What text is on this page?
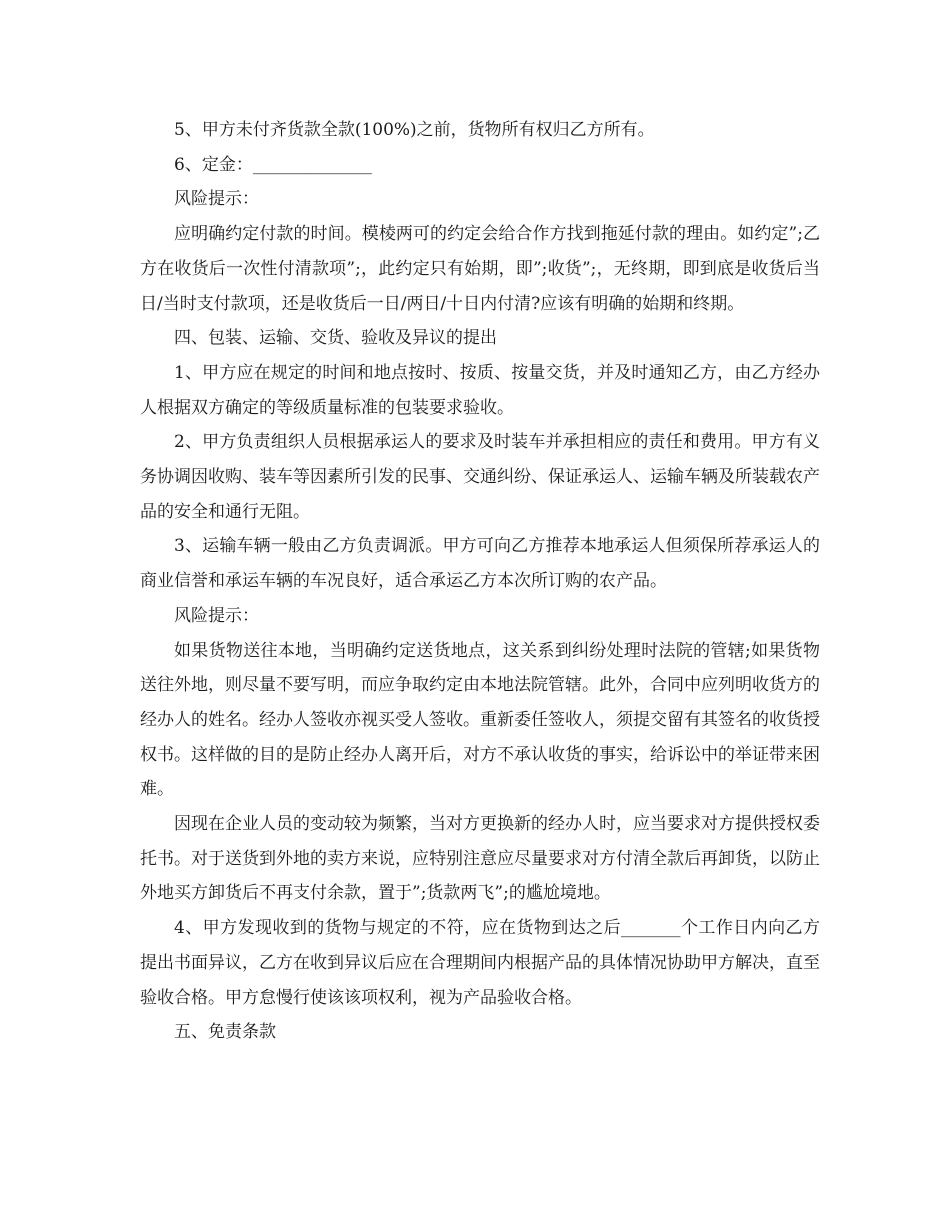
5、甲方未付齐货款全款(100%)之前，货物所有权归乙方所有。

6、定金：______________

风险提示：

应明确约定付款的时间。模棱两可的约定会给合作方找到拖延付款的理由。如约定”;乙方在收货后一次性付清款项”;，此约定只有始期，即”;收货”;，无终期，即到底是收货后当日/当时支付款项，还是收货后一日/两日/十日内付清?应该有明确的始期和终期。

四、包装、运输、交货、验收及异议的提出

1、甲方应在规定的时间和地点按时、按质、按量交货，并及时通知乙方，由乙方经办人根据双方确定的等级质量标准的包装要求验收。

2、甲方负责组织人员根据承运人的要求及时装车并承担相应的责任和费用。甲方有义务协调因收购、装车等因素所引发的民事、交通纠纷、保证承运人、运输车辆及所装载农产品的安全和通行无阻。

3、运输车辆一般由乙方负责调派。甲方可向乙方推荐本地承运人但须保所荐承运人的商业信誉和承运车辆的车况良好，适合承运乙方本次所订购的农产品。

风险提示：

如果货物送往本地，当明确约定送货地点，这关系到纠纷处理时法院的管辖;如果货物送往外地，则尽量不要写明，而应争取约定由本地法院管辖。此外，合同中应列明收货方的经办人的姓名。经办人签收亦视买受人签收。重新委任签收人，须提交留有其签名的收货授权书。这样做的目的是防止经办人离开后，对方不承认收货的事实，给诉讼中的举证带来困难。

因现在企业人员的变动较为频繁，当对方更换新的经办人时，应当要求对方提供授权委托书。对于送货到外地的卖方来说，应特别注意应尽量要求对方付清全款后再卸货，以防止外地买方卸货后不再支付余款，置于”;货款两飞”;的尴尬境地。

4、甲方发现收到的货物与规定的不符，应在货物到达之后_______个工作日内向乙方提出书面异议，乙方在收到异议后应在合理期间内根据产品的具体情况协助甲方解决，直至验收合格。甲方怠慢行使该该项权利，视为产品验收合格。

五、免责条款
